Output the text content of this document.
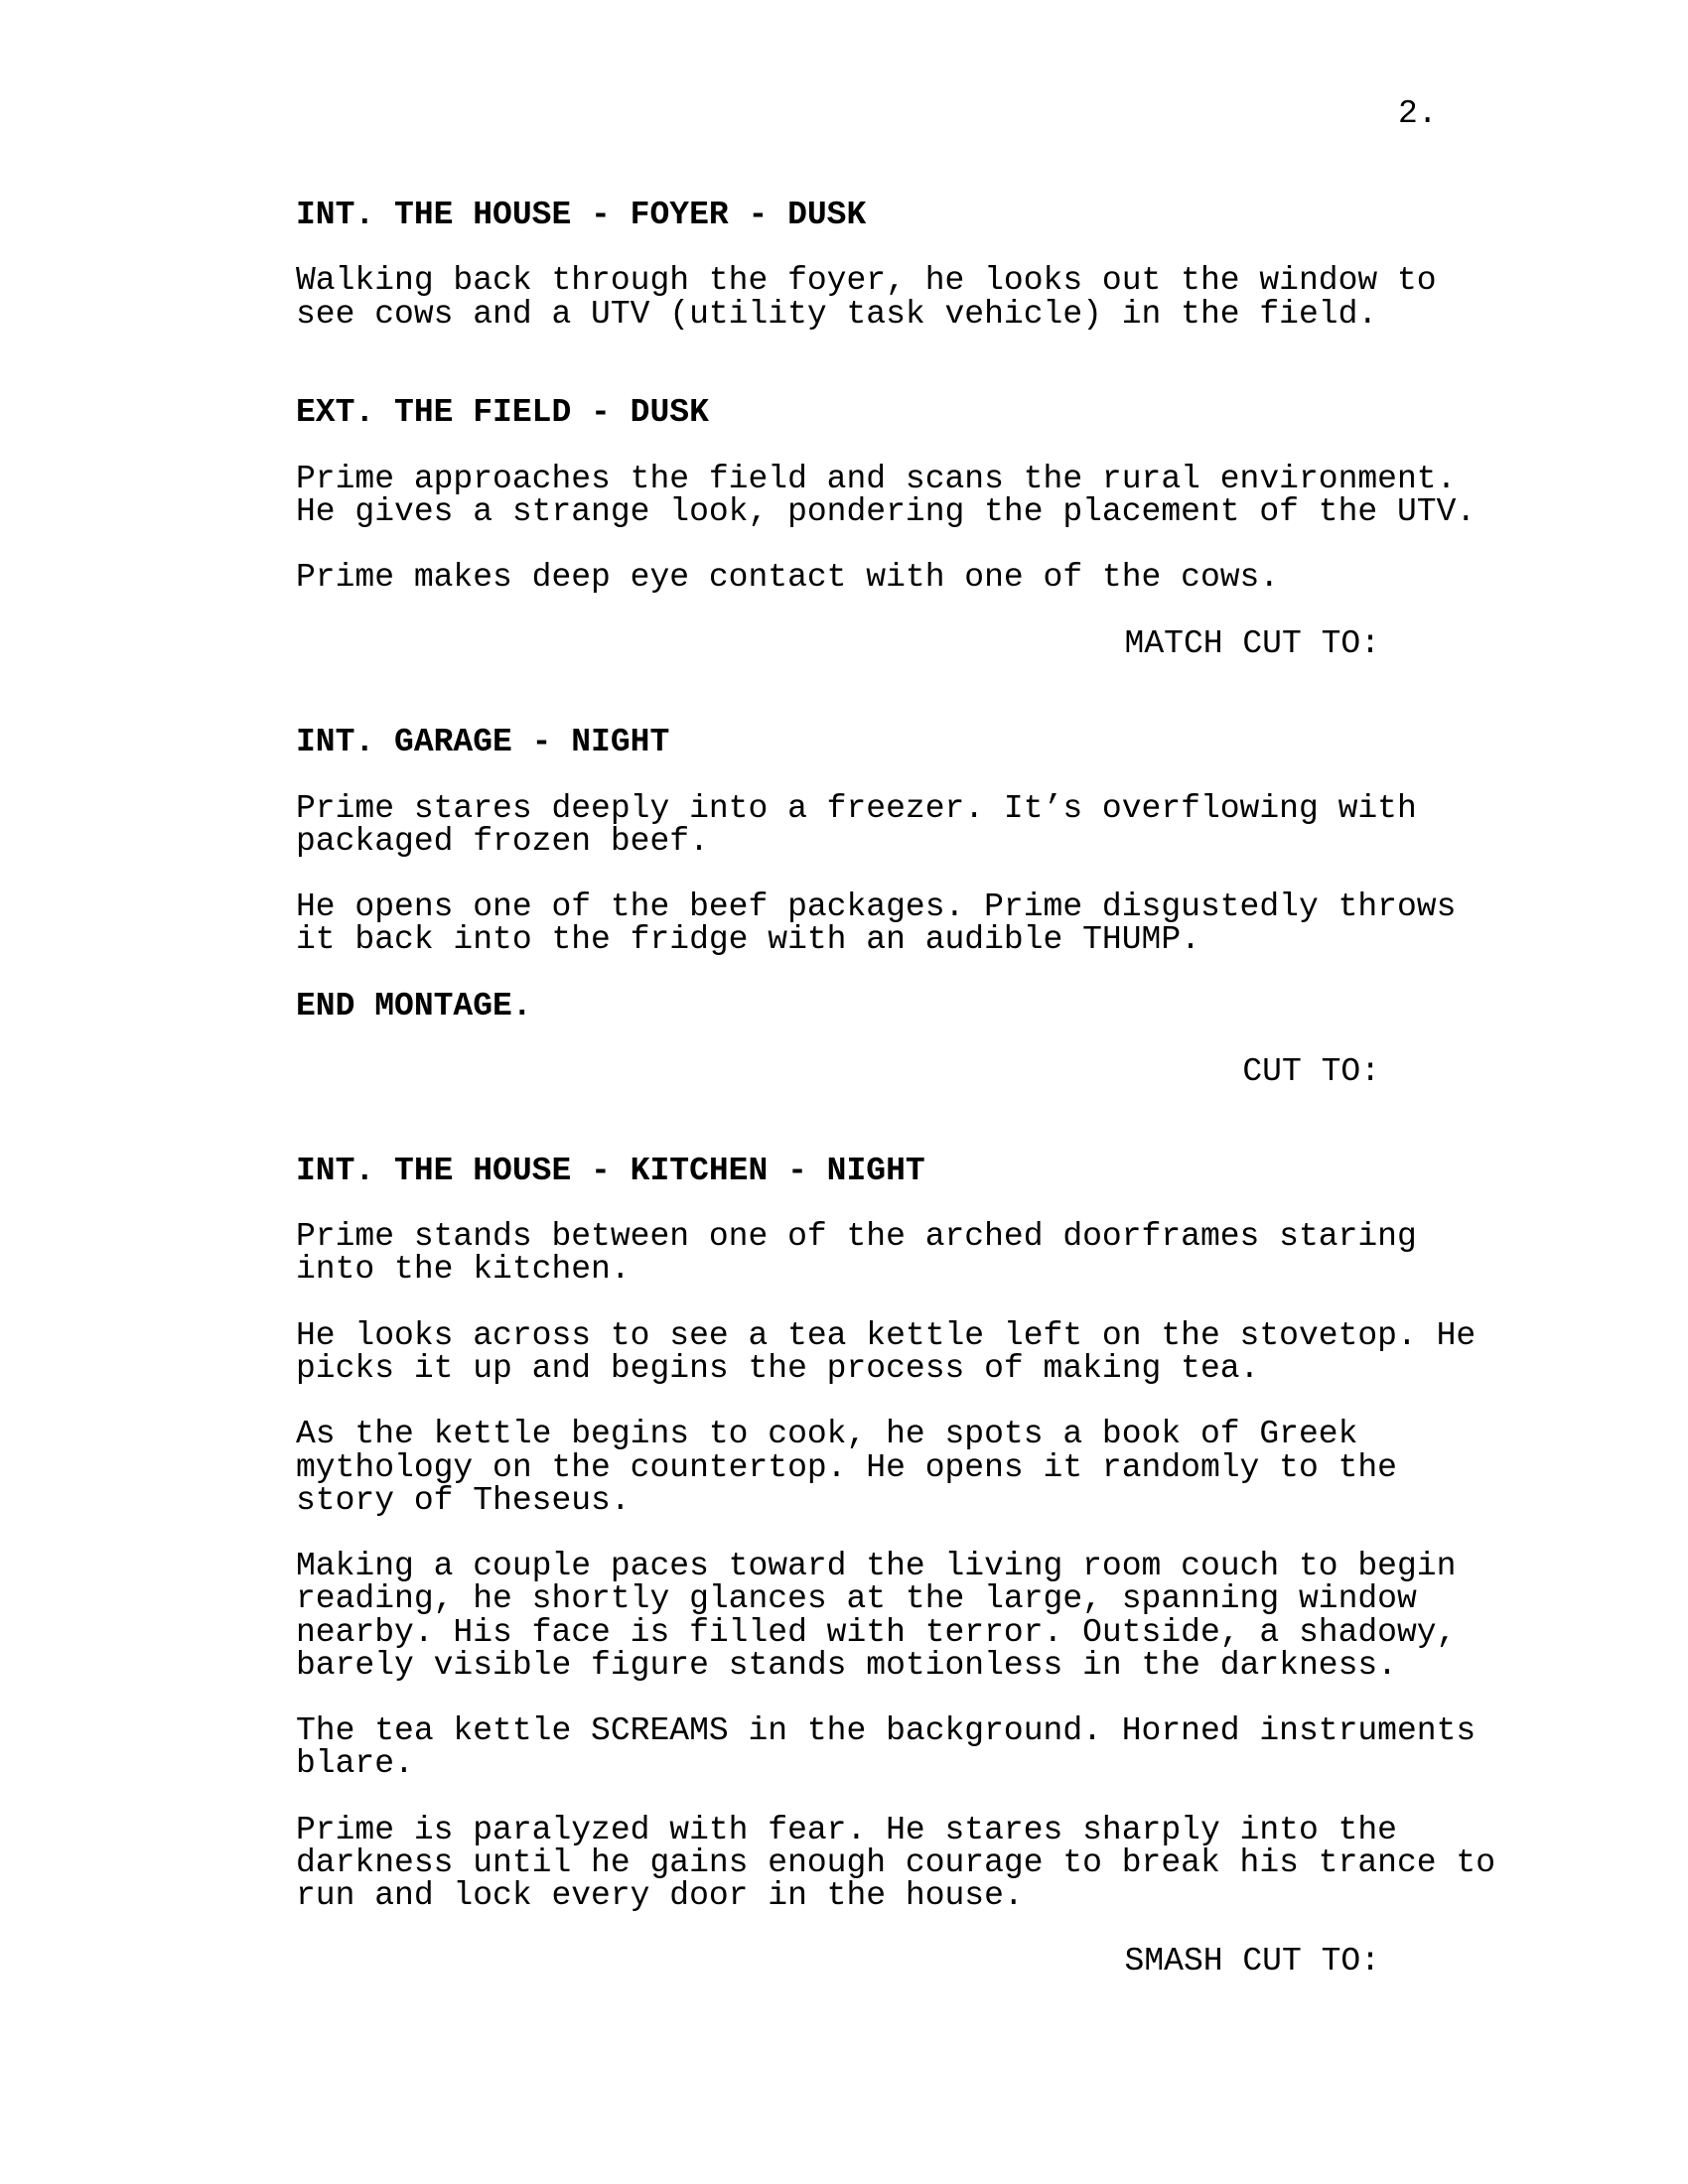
2.

INT. THE HOUSE - FOYER - DUSK

Walking back through the foyer, he looks out the window to
see cows and a UTV (utility task vehicle) in the field.

EXT. THE FIELD - DUSK

Prime approaches the field and scans the rural environment.
He gives a strange look, pondering the placement of the UTV.

Prime makes deep eye contact with one of the cows.

MATCH CUT TO:

INT. GARAGE - NIGHT

Prime stares deeply into a freezer. It’s overflowing with
packaged frozen beef.

He opens one of the beef packages. Prime disgustedly throws
it back into the fridge with an audible THUMP.

END MONTAGE.

CUT TO:

INT. THE HOUSE - KITCHEN - NIGHT

Prime stands between one of the arched doorframes staring
into the kitchen.

He looks across to see a tea kettle left on the stovetop. He
picks it up and begins the process of making tea.

As the kettle begins to cook, he spots a book of Greek
mythology on the countertop. He opens it randomly to the
story of Theseus.

Making a couple paces toward the living room couch to begin
reading, he shortly glances at the large, spanning window
nearby. His face is filled with terror. Outside, a shadowy,
barely visible figure stands motionless in the darkness.

The tea kettle SCREAMS in the background. Horned instruments
blare.

Prime is paralyzed with fear. He stares sharply into the
darkness until he gains enough courage to break his trance to
run and lock every door in the house.

SMASH CUT TO:
